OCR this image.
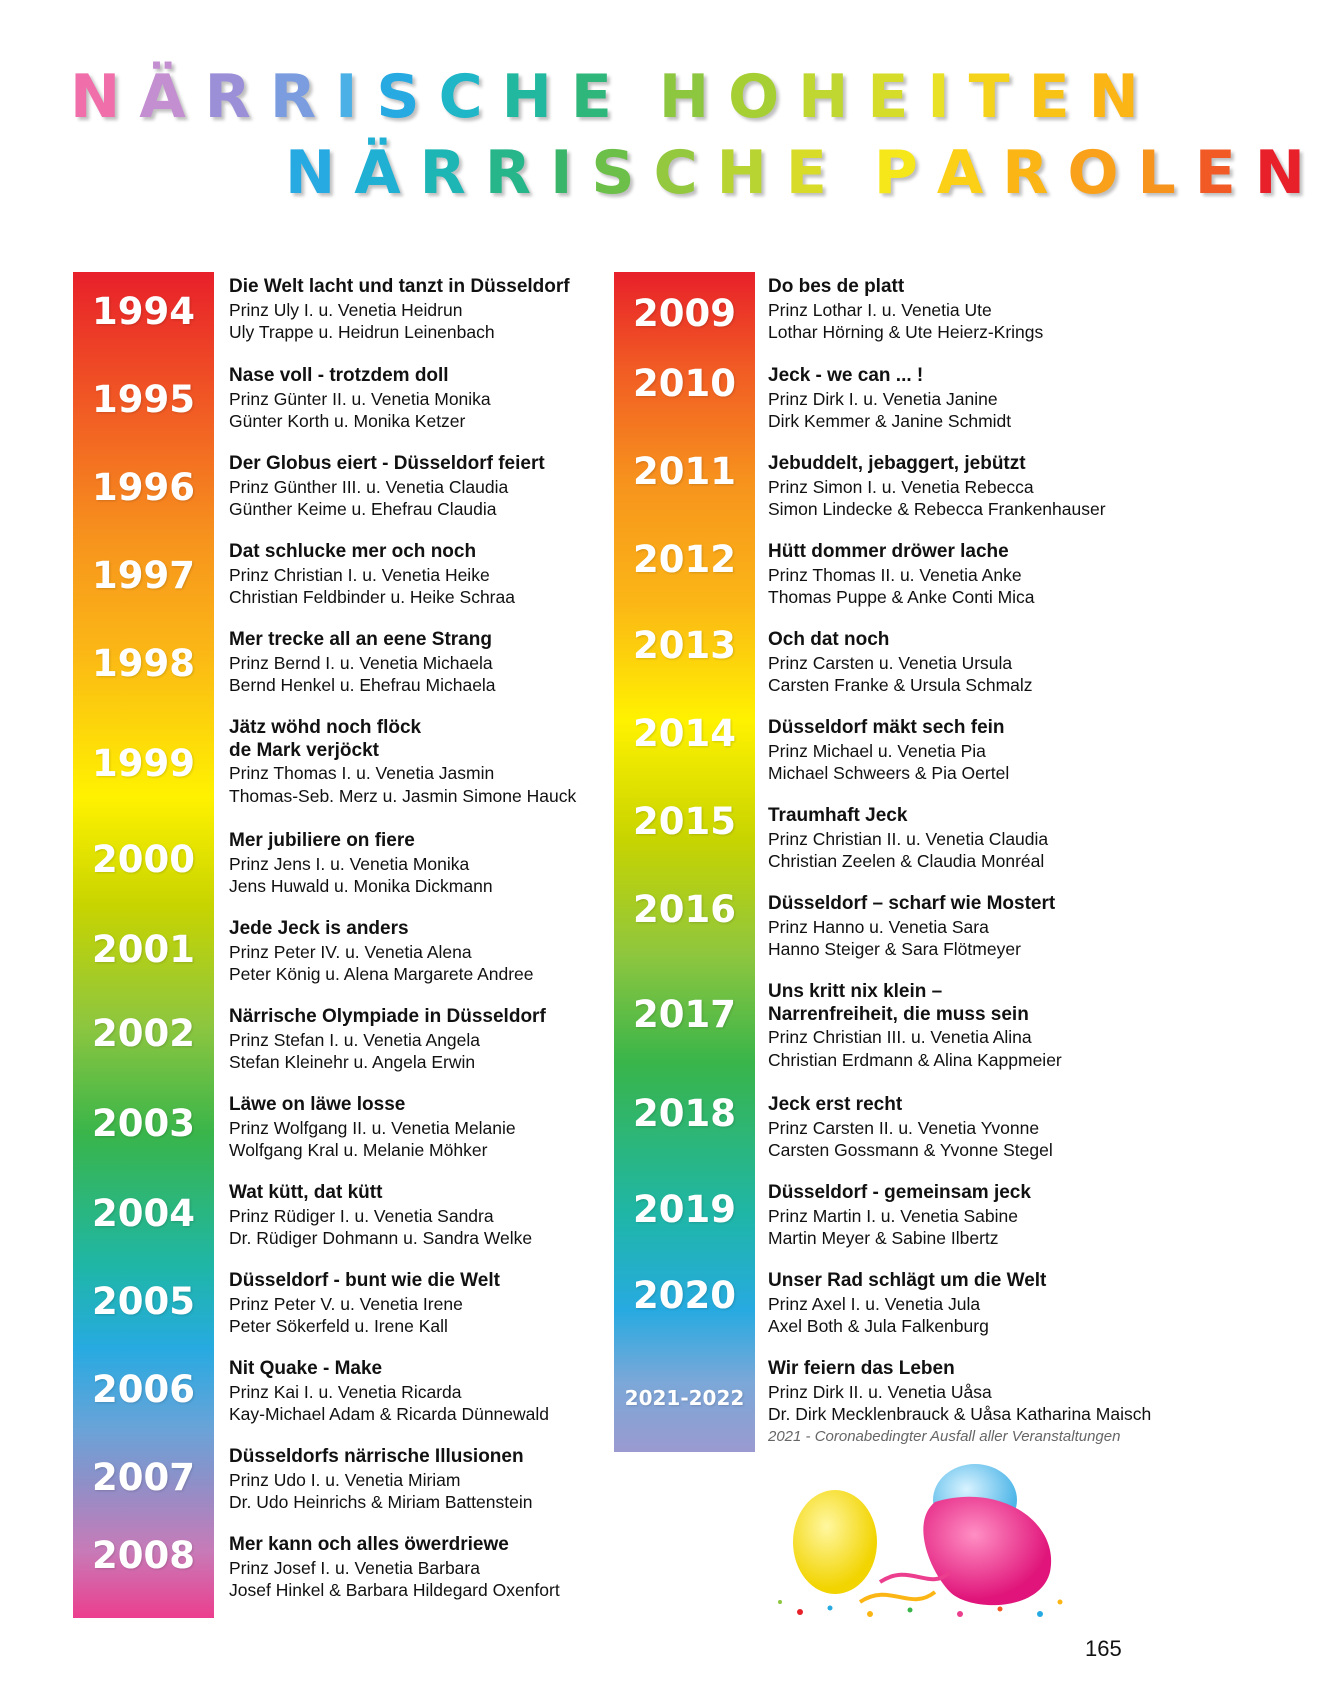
NÄRRISCHE HOHEITEN
NÄRRISCHE PAROLEN
1994
1995
1996
1997
1998
1999
2000
2001
2002
2003
2004
2005
2006
2007
2008
2009
2010
2011
2012
2013
2014
2015
2016
2017
2018
2019
2020
2021-2022
Die Welt lacht und tanzt in Düsseldorf
Prinz Uly I. u. Venetia Heidrun
Uly Trappe u. Heidrun Leinenbach
Nase voll - trotzdem doll
Prinz Günter II. u. Venetia Monika
Günter Korth u. Monika Ketzer
Der Globus eiert - Düsseldorf feiert
Prinz Günther III. u. Venetia Claudia
Günther Keime u. Ehefrau Claudia
Dat schlucke mer och noch
Prinz Christian I. u. Venetia Heike
Christian Feldbinder u. Heike Schraa
Mer trecke all an eene Strang
Prinz Bernd I. u. Venetia Michaela
Bernd Henkel u. Ehefrau Michaela
Jätz wöhd noch flöck
de Mark verjöckt
Prinz Thomas I. u. Venetia Jasmin
Thomas-Seb. Merz u. Jasmin Simone Hauck
Mer jubiliere on fiere
Prinz Jens I. u. Venetia Monika
Jens Huwald u. Monika Dickmann
Jede Jeck is anders
Prinz Peter IV. u. Venetia Alena
Peter König u. Alena Margarete Andree
Närrische Olympiade in Düsseldorf
Prinz Stefan I. u. Venetia Angela
Stefan Kleinehr u. Angela Erwin
Läwe on läwe losse
Prinz Wolfgang II. u. Venetia Melanie
Wolfgang Kral u. Melanie Möhker
Wat kütt, dat kütt
Prinz Rüdiger I. u. Venetia Sandra
Dr. Rüdiger Dohmann u. Sandra Welke
Düsseldorf - bunt wie die Welt
Prinz Peter V. u. Venetia Irene
Peter Sökerfeld u. Irene Kall
Nit Quake - Make
Prinz Kai I. u. Venetia Ricarda
Kay-Michael Adam & Ricarda Dünnewald
Düsseldorfs närrische Illusionen
Prinz Udo I. u. Venetia Miriam
Dr. Udo Heinrichs & Miriam Battenstein
Mer kann och alles öwerdriewe
Prinz Josef I. u. Venetia Barbara
Josef Hinkel & Barbara Hildegard Oxenfort
Do bes de platt
Prinz Lothar I. u. Venetia Ute
Lothar Hörning & Ute Heierz-Krings
Jeck - we can ... !
Prinz Dirk I. u. Venetia Janine
Dirk Kemmer & Janine Schmidt
Jebuddelt, jebaggert, jebützt
Prinz Simon I. u. Venetia Rebecca
Simon Lindecke & Rebecca Frankenhauser
Hütt dommer dröwer lache
Prinz Thomas II. u. Venetia Anke
Thomas Puppe & Anke Conti Mica
Och dat noch
Prinz Carsten u. Venetia Ursula
Carsten Franke & Ursula Schmalz
Düsseldorf mäkt sech fein
Prinz Michael u. Venetia Pia
Michael Schweers & Pia Oertel
Traumhaft Jeck
Prinz Christian II. u. Venetia Claudia
Christian Zeelen & Claudia Monréal
Düsseldorf – scharf wie Mostert
Prinz Hanno u. Venetia Sara
Hanno Steiger & Sara Flötmeyer
Uns kritt nix klein –
Narrenfreiheit, die muss sein
Prinz Christian III. u. Venetia Alina
Christian Erdmann & Alina Kappmeier
Jeck erst recht
Prinz Carsten II. u. Venetia Yvonne
Carsten Gossmann & Yvonne Stegel
Düsseldorf - gemeinsam jeck
Prinz Martin I. u. Venetia Sabine
Martin Meyer & Sabine Ilbertz
Unser Rad schlägt um die Welt
Prinz Axel I. u. Venetia Jula
Axel Both & Jula Falkenburg
Wir feiern das Leben
Prinz Dirk II. u. Venetia Uåsa
Dr. Dirk Mecklenbrauck & Uåsa Katharina Maisch
2021 - Coronabedingter Ausfall aller Veranstaltungen
165
